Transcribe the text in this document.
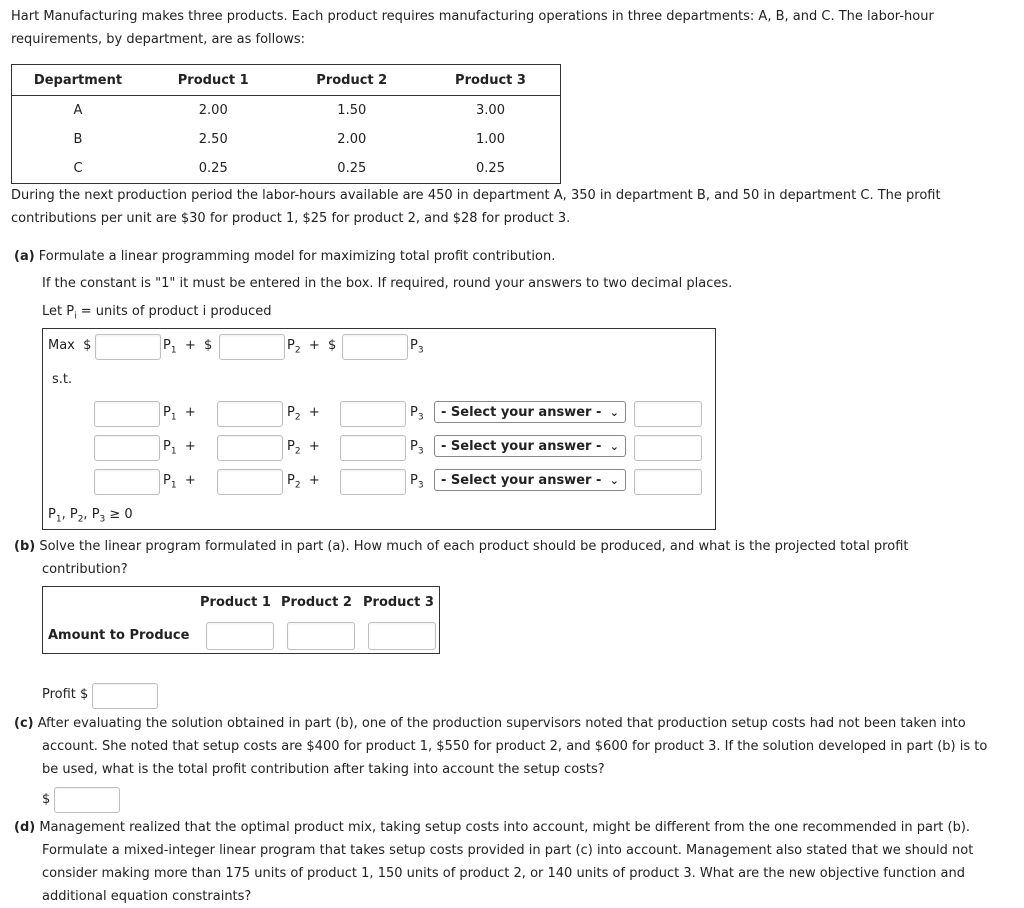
Hart Manufacturing makes three products. Each product requires manufacturing operations in three departments: A, B, and C. The labor-hour
requirements, by department, are as follows:
Department	Product 1	Product 2	Product 3
A	2.00	1.50	3.00
B	2.50	2.00	1.00
C	0.25	0.25	0.25
During the next production period the labor-hours available are 450 in department A, 350 in department B, and 50 in department C. The profit
contributions per unit are $30 for product 1, $25 for product 2, and $28 for product 3.
(a) Formulate a linear programming model for maximizing total profit contribution.
If the constant is "1" it must be entered in the box. If required, round your answers to two decimal places.
Let $P_i$ = units of product i produced
Max $	$P_1$ + $	$P_2$ + $	$P_3$
s.t.
$P_1$ +	$P_2$ +	$P_3$	- Select your answer - ⌄
$P_1$ +	$P_2$ +	$P_3$	- Select your answer - ⌄
$P_1$ +	$P_2$ +	$P_3$	- Select your answer - ⌄
$P_1$, $P_2$, $P_3 \ge 0$
(b) Solve the linear program formulated in part (a). How much of each product should be produced, and what is the projected total profit
contribution?
Product 1 Product 2 Product 3
Amount to Produce
Profit $
(c) After evaluating the solution obtained in part (b), one of the production supervisors noted that production setup costs had not been taken into
account. She noted that setup costs are $400 for product 1, $550 for product 2, and $600 for product 3. If the solution developed in part (b) is to
be used, what is the total profit contribution after taking into account the setup costs?
$
(d) Management realized that the optimal product mix, taking setup costs into account, might be different from the one recommended in part (b).
Formulate a mixed-integer linear program that takes setup costs provided in part (c) into account. Management also stated that we should not
consider making more than 175 units of product 1, 150 units of product 2, or 140 units of product 3. What are the new objective function and
additional equation constraints?
